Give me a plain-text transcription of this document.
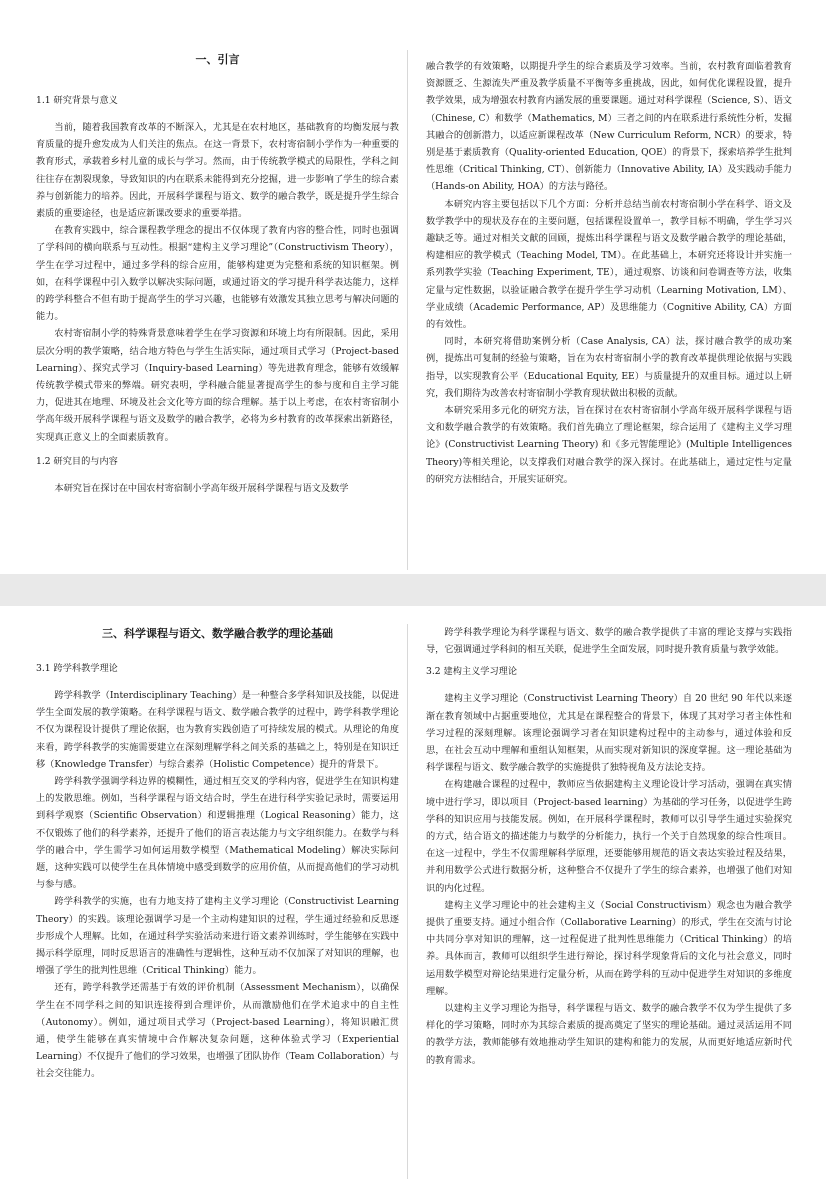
一、引言
1.1 研究背景与意义

当前，随着我国教育改革的不断深入，尤其是在农村地区，基础教育的均衡发展与教育质量的提升愈发成为人们关注的焦点。在这一背景下，农村寄宿制小学作为一种重要的教育形式，承载着乡村儿童的成长与学习。然而，由于传统教学模式的局限性，学科之间往往存在割裂现象，导致知识的内在联系未能得到充分挖掘，进一步影响了学生的综合素养与创新能力的培养。因此，开展科学课程与语文、数学的融合教学，既是提升学生综合素质的重要途径，也是适应新课改要求的重要举措。

在教育实践中，综合课程教学理念的提出不仅体现了教育内容的整合性，同时也强调了学科间的横向联系与互动性。根据“建构主义学习理论”（Constructivism Theory），学生在学习过程中，通过多学科的综合应用，能够构建更为完整和系统的知识框架。例如，在科学课程中引入数学以解决实际问题，或通过语文的学习提升科学表达能力，这样的跨学科整合不但有助于提高学生的学习兴趣，也能够有效激发其独立思考与解决问题的能力。

农村寄宿制小学的特殊背景意味着学生在学习资源和环境上均有所限制。因此，采用层次分明的教学策略，结合地方特色与学生生活实际，通过项目式学习（Project-based Learning）、探究式学习（Inquiry-based Learning）等先进教育理念，能够有效缓解传统教学模式带来的弊端。研究表明，学科融合能显著提高学生的参与度和自主学习能力，促进其在地理、环境及社会文化等方面的综合理解。基于以上考虑，在农村寄宿制小学高年级开展科学课程与语文及数学的融合教学，必将为乡村教育的改革探索出新路径，实现真正意义上的全面素质教育。

1.2 研究目的与内容

本研究旨在探讨在中国农村寄宿制小学高年级开展科学课程与语文及数学

融合教学的有效策略，以期提升学生的综合素质及学习效率。当前，农村教育面临着教育资源匮乏、生源流失严重及教学质量不平衡等多重挑战，因此，如何优化课程设置，提升教学效果，成为增强农村教育内涵发展的重要课题。通过对科学课程（Science, S）、语文（Chinese, C）和数学（Mathematics, M）三者之间的内在联系进行系统性分析，发掘其融合的创新潜力，以适应新课程改革（New Curriculum Reform, NCR）的要求，特别是基于素质教育（Quality-oriented Education, QOE）的背景下，探索培养学生批判性思维（Critical Thinking, CT）、创新能力（Innovative Ability, IA）及实践动手能力（Hands-on Ability, HOA）的方法与路径。

本研究内容主要包括以下几个方面：分析并总结当前农村寄宿制小学在科学、语文及数学教学中的现状及存在的主要问题，包括课程设置单一，教学目标不明确，学生学习兴趣缺乏等。通过对相关文献的回顾，提炼出科学课程与语文及数学融合教学的理论基础，构建相应的教学模式（Teaching Model, TM）。在此基础上，本研究还将设计并实施一系列教学实验（Teaching Experiment, TE），通过观察、访谈和问卷调查等方法，收集定量与定性数据，以验证融合教学在提升学生学习动机（Learning Motivation, LM）、学业成绩（Academic Performance, AP）及思维能力（Cognitive Ability, CA）方面的有效性。

同时，本研究将借助案例分析（Case Analysis, CA）法，探讨融合教学的成功案例，提炼出可复制的经验与策略，旨在为农村寄宿制小学的教育改革提供理论依据与实践指导，以实现教育公平（Educational Equity, EE）与质量提升的双重目标。通过以上研究，我们期待为改善农村寄宿制小学教育现状做出积极的贡献。

本研究采用多元化的研究方法，旨在探讨在农村寄宿制小学高年级开展科学课程与语文和数学融合教学的有效策略。我们首先确立了理论框架，综合运用了《建构主义学习理论》(Constructivist Learning Theory) 和《多元智能理论》(Multiple Intelligences Theory)等相关理论，以支撑我们对融合教学的深入探讨。在此基础上，通过定性与定量的研究方法相结合，开展实证研究。

三、科学课程与语文、数学融合教学的理论基础
3.1 跨学科教学理论

跨学科教学（Interdisciplinary Teaching）是一种整合多学科知识及技能，以促进学生全面发展的教学策略。在科学课程与语文、数学融合教学的过程中，跨学科教学理论不仅为课程设计提供了理论依据，也为教育实践创造了可持续发展的模式。从理论的角度来看，跨学科教学的实施需要建立在深刻理解学科之间关系的基础之上，特别是在知识迁移（Knowledge Transfer）与综合素养（Holistic Competence）提升的背景下。

跨学科教学强调学科边界的模糊性，通过相互交叉的学科内容，促进学生在知识构建上的发散思维。例如，当科学课程与语文结合时，学生在进行科学实验记录时，需要运用到科学观察（Scientific Observation）和逻辑推理（Logical Reasoning）能力，这不仅锻炼了他们的科学素养，还提升了他们的语言表达能力与文字组织能力。在数学与科学的融合中，学生需学习如何运用数学模型（Mathematical Modeling）解决实际问题，这种实践可以使学生在具体情境中感受到数学的应用价值，从而提高他们的学习动机与参与感。

跨学科教学的实施，也有力地支持了建构主义学习理论（Constructivist Learning Theory）的实践。该理论强调学习是一个主动构建知识的过程，学生通过经验和反思逐步形成个人理解。比如，在通过科学实验活动来进行语文素养训练时，学生能够在实践中揭示科学原理，同时反思语言的准确性与逻辑性，这种互动不仅加深了对知识的理解，也增强了学生的批判性思维（Critical Thinking）能力。

还有，跨学科教学还需基于有效的评价机制（Assessment Mechanism），以确保学生在不同学科之间的知识连接得到合理评价，从而激励他们在学术追求中的自主性（Autonomy）。例如，通过项目式学习（Project-based Learning），将知识融汇贯通，使学生能够在真实情境中合作解决复杂问题，这种体验式学习（Experiential Learning）不仅提升了他们的学习效果，也增强了团队协作（Team Collaboration）与社会交往能力。

跨学科教学理论为科学课程与语文、数学的融合教学提供了丰富的理论支撑与实践指导，它强调通过学科间的相互关联，促进学生全面发展，同时提升教育质量与教学效能。

3.2 建构主义学习理论

建构主义学习理论（Constructivist Learning Theory）自 20 世纪 90 年代以来逐渐在教育领域中占据重要地位，尤其是在课程整合的背景下，体现了其对学习者主体性和学习过程的深刻理解。该理论强调学习者在知识建构过程中的主动参与，通过体验和反思，在社会互动中理解和重组认知框架，从而实现对新知识的深度掌握。这一理论基础为科学课程与语文、数学融合教学的实施提供了独特视角及方法论支持。

在构建融合课程的过程中，教师应当依据建构主义理论设计学习活动，强调在真实情境中进行学习，即以项目（Project-based learning）为基础的学习任务，以促进学生跨学科的知识应用与技能发展。例如，在开展科学课程时，教师可以引导学生通过实验探究的方式，结合语文的描述能力与数学的分析能力，执行一个关于自然现象的综合性项目。在这一过程中，学生不仅需理解科学原理，还要能够用规范的语文表达实验过程及结果，并利用数学公式进行数据分析，这种整合不仅提升了学生的综合素养，也增强了他们对知识的内化过程。

建构主义学习理论中的社会建构主义（Social Constructivism）观念也为融合教学提供了重要支持。通过小组合作（Collaborative Learning）的形式，学生在交流与讨论中共同分享对知识的理解，这一过程促进了批判性思维能力（Critical Thinking）的培养。具体而言，教师可以组织学生进行辩论，探讨科学现象背后的文化与社会意义，同时运用数学模型对辩论结果进行定量分析，从而在跨学科的互动中促进学生对知识的多维度理解。

以建构主义学习理论为指导，科学课程与语文、数学的融合教学不仅为学生提供了多样化的学习策略，同时亦为其综合素质的提高奠定了坚实的理论基础。通过灵活运用不同的教学方法，教师能够有效地推动学生知识的建构和能力的发展，从而更好地适应新时代的教育需求。
